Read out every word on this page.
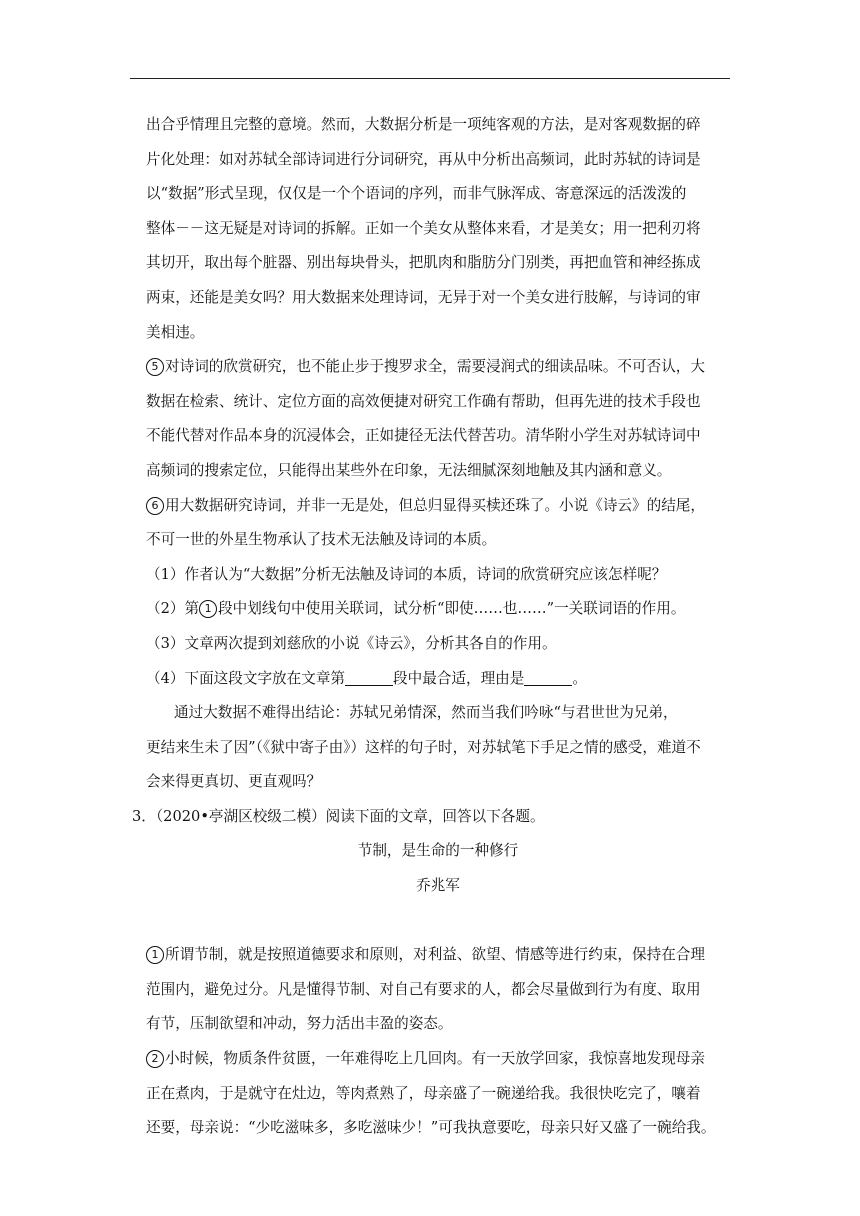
出合乎情理且完整的意境。然而，大数据分析是一项纯客观的方法，是对客观数据的碎
片化处理：如对苏轼全部诗词进行分词研究，再从中分析出高频词，此时苏轼的诗词是
以“数据”形式呈现，仅仅是一个个语词的序列，而非气脉浑成、寄意深远的活泼泼的
整体－－这无疑是对诗词的拆解。正如一个美女从整体来看，才是美女；用一把利刃将
其切开，取出每个脏器、别出每块骨头，把肌肉和脂肪分门别类，再把血管和神经拣成
两束，还能是美女吗？用大数据来处理诗词，无异于对一个美女进行肢解，与诗词的审
美相违。
5 对诗词的欣赏研究，也不能止步于搜罗求全，需要浸润式的细读品味。不可否认，大
数据在检索、统计、定位方面的高效便捷对研究工作确有帮助，但再先进的技术手段也
不能代替对作品本身的沉浸体会，正如捷径无法代替苦功。清华附小学生对苏轼诗词中
高频词的搜索定位，只能得出某些外在印象，无法细腻深刻地触及其内涵和意义。
6 用大数据研究诗词，并非一无是处，但总归显得买椟还珠了。小说《诗云》的结尾，
不可一世的外星生物承认了技术无法触及诗词的本质。
（1）作者认为“大数据”分析无法触及诗词的本质，诗词的欣赏研究应该怎样呢？
（2）第 1 段中划线句中使用关联词，试分析“即使……也……”一关联词语的作用。
（3）文章两次提到刘慈欣的小说《诗云》，分析其各自的作用。
（4）下面这段文字放在文章第	段中最合适，理由是	。
通过大数据不难得出结论：苏轼兄弟情深，然而当我们吟咏“与君世世为兄弟，
更结来生未了因”（《狱中寄子由》）这样的句子时，对苏轼笔下手足之情的感受，难道不
会来得更真切、更直观吗？
3．（2020•亭湖区校级二模）阅读下面的文章，回答以下各题。
节制，是生命的一种修行
乔兆军
1 所谓节制，就是按照道德要求和原则，对利益、欲望、情感等进行约束，保持在合理
范围内，避免过分。凡是懂得节制、对自己有要求的人，都会尽量做到行为有度、取用
有节，压制欲望和冲动，努力活出丰盈的姿态。
2 小时候，物质条件贫匮，一年难得吃上几回肉。有一天放学回家，我惊喜地发现母亲
正在煮肉，于是就守在灶边，等肉煮熟了，母亲盛了一碗递给我。我很快吃完了，嚷着
还要，母亲说：“少吃滋味多，多吃滋味少！”可我执意要吃，母亲只好又盛了一碗给我。
